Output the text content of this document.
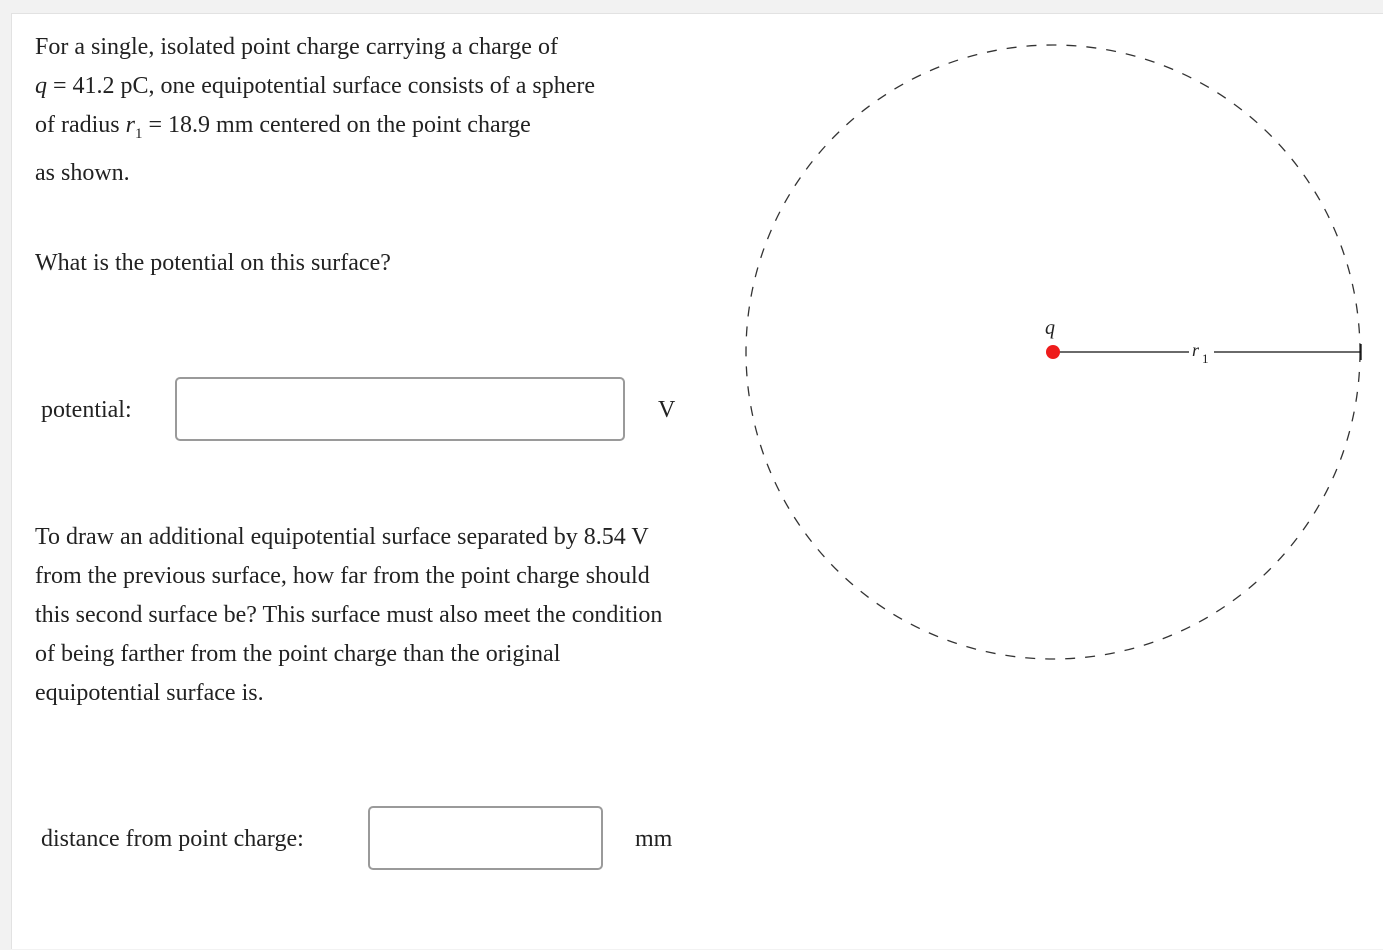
For a single, isolated point charge carrying a charge of
q = 41.2 pC, one equipotential surface consists of a sphere
of radius $r_1 = 18.9$ mm centered on the point charge
as shown.
What is the potential on this surface?
potential:	V
To draw an additional equipotential surface separated by 8.54 V from the previous surface, how far from the point charge should this second surface be? This surface must also meet the condition of being farther from the point charge than the original equipotential surface is.
distance from point charge:	mm
q
r 1
